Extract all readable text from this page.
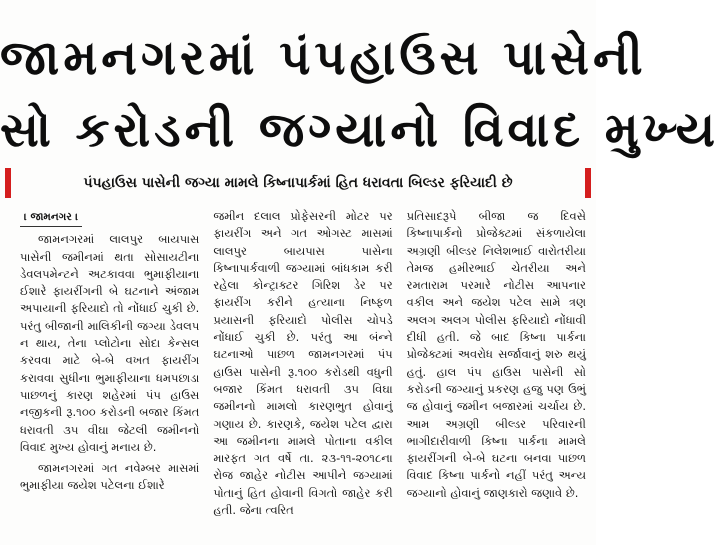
જામનગરમાં પંપહાઉસ પાસેની
સો કરોડની જગ્યાનો વિવાદ મુખ્ય
પંપહાઉસ પાસેની જગ્યા મામલે કિષ્નાપાર્કમાં હિત ધરાવતા બિલ્ડર ફરિયાદી છે
। જામનગર ।

જામનગરમાં લાલપુર બાયપાસ પાસેની જમીનમાં થતા સોસાયટીના ડેવલપમેન્ટને અટકાવવા ભુમાફીયાના ઈશારે ફાયરીંગની બે ઘટનાને અંજામ અપાયાની ફરિયાદો તો નોંધાઈ ચુકી છે. પરંતુ બીજાની માલિકીની જગ્યા ડેવલપ ન થાય, તેના પ્લોટોના સોદા કેન્સલ કરવવા માટે બે-બે વખત ફાયરીંગ કરાવવા સુધીના ભુમાફીયાના ધમપછાડા પાછળનું કારણ શહેરમાં પંપ હાઉસ નજીકની રૂ.૧૦૦ કરોડની બજાર કિંમત ધરાવતી ૩૫ વીઘા જેટલી જમીનનો વિવાદ મુખ્ય હોવાનું મનાય છે.

જામનગરમાં ગત નવેમ્બર માસમાં ભુમાફીયા જયેશ પટેલના ઈશારે

જમીન દલાલ પ્રોફેસરની મોટર પર ફાયરીંગ અને ગત ઓગસ્ટ માસમાં લાલપુર બાયપાસ પાસેના કિષ્નાપાર્કવાળી જગ્યામાં બાંધકામ કરી રહેલા કોન્ટ્રાક્ટર ગિરિશ ડેર પર ફાયરીંગ કરીને હત્યાના નિષ્ફળ પ્રયાસની ફરિયાદો પોલીસ ચોપડે નોંધાઈ ચુકી છે. પરંતુ આ બંન્ને ઘટનાઓ પાછળ જામનગરમાં પંપ હાઉસ પાસેની રૂ.૧૦૦ કરોડથી વધુની બજાર કિંમત ધરાવતી ૩૫ વિઘા જમીનનો મામલો કારણભુત હોવાનું ગણાય છે. કારણકે, જયેશ પટેલ દ્વારા આ જમીનના મામલે પોતાના વકીલ મારફત ગત વર્ષે તા. ૨૩-૧૧-૨૦૧૮ના રોજ જાહેર નોટીસ આપીને જગ્યામાં પોતાનું હિત હોવાની વિગતો જાહેર કરી હતી. જેના ત્વરિત

પ્રતિસાદરૂપે બીજા જ દિવસે કિષ્નાપાર્કનો પ્રોજેક્ટમાં સંકળાયેલા અગ્રણી બીલ્ડર નિલેશભાઈ વારોતરીયા તેમજ હમીરભાઈ ચેતરીયા અને રમતારામ પરમારે નોટીસ આપનાર વકીલ અને જયેશ પટેલ સામે ત્રણ અલગ અલગ પોલીસ ફરિયાદો નોંધાવી દીધી હતી. જે બાદ કિષ્ના પાર્કના પ્રોજેક્ટમાં અવરોધ સર્જાવાનું શરુ થયું હતું. હાલ પંપ હાઉસ પાસેની સો કરોડની જગ્યાનું પ્રકરણ હજુ પણ ઉભું જ હોવાનું જમીન બજારમાં ચર્ચાય છે. આમ અગ્રણી બીલ્ડર પરિવારની ભાગીદારીવાળી કિષ્ના પાર્કના મામલે ફાયરીંગની બે-બે ઘટના બનવા પાછળ વિવાદ કિષ્ના પાર્કનો નહીં પરંતુ અન્ય જગ્યાનો હોવાનું જાણકારો જણાવે છે.
